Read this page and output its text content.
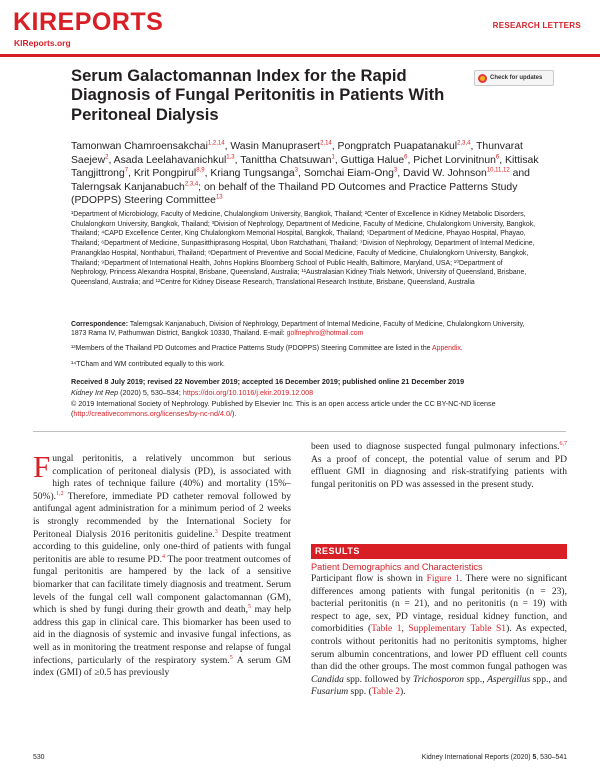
KIREPORTS
KIReports.org
RESEARCH LETTERS
Serum Galactomannan Index for the Rapid Diagnosis of Fungal Peritonitis in Patients With Peritoneal Dialysis
Check for updates
Tamonwan Chamroensakchai$^{1,2,14}$, Wasin Manuprasert$^{2,14}$, Pongpratch Puapatanakul$^{2,3,4}$, Thunvarat Saejew$^2$, Asada Leelahavanichkul$^{1,3}$, Tanittha Chatsuwan$^1$, Guttiga Halue$^6$, Pichet Lorvinitnun$^6$, Kittisak Tangjittrong$^7$, Krit Pongpirul$^{8,9}$, Kriang Tungsanga$^3$, Somchai Eiam-Ong$^3$, David W. Johnson$^{10,11,12}$ and Talerngsak Kanjanabuch$^{2,3,4}$; on behalf of the Thailand PD Outcomes and Practice Patterns Study (PDOPPS) Steering Committee$^{13}$
¹Department of Microbiology, Faculty of Medicine, Chulalongkorn University, Bangkok, Thailand; ²Center of Excellence in Kidney Metabolic Disorders, Chulalongkorn University, Bangkok, Thailand; ³Division of Nephrology, Department of Medicine, Faculty of Medicine, Chulalongkorn University, Bangkok, Thailand; ⁴CAPD Excellence Center, King Chulalongkorn Memorial Hospital, Bangkok, Thailand; ⁵Department of Medicine, Phayao Hospital, Phayao, Thailand; ⁶Department of Medicine, Sunpasitthiprasong Hospital, Ubon Ratchathani, Thailand; ⁷Division of Nephrology, Department of Internal Medicine, Pranangklao Hospital, Nonthaburi, Thailand; ⁸Department of Preventive and Social Medicine, Faculty of Medicine, Chulalongkorn University, Bangkok, Thailand; ⁹Department of International Health, Johns Hopkins Bloomberg School of Public Health, Baltimore, Maryland, USA; ¹⁰Department of Nephrology, Princess Alexandra Hospital, Brisbane, Queensland, Australia; ¹¹Australasian Kidney Trials Network, University of Queensland, Brisbane, Queensland, Australia; and ¹²Centre for Kidney Disease Research, Translational Research Institute, Brisbane, Queensland, Australia
Correspondence: Talerngsak Kanjanabuch, Division of Nephrology, Department of Internal Medicine, Faculty of Medicine, Chulalongkorn University, 1873 Rama IV, Pathumwan District, Bangkok 10330, Thailand. E-mail: golfnephro@hotmail.com
¹³Members of the Thailand PD Outcomes and Practice Patterns Study (PDOPPS) Steering Committee are listed in the Appendix.
¹⁴TCham and WM contributed equally to this work.
Received 8 July 2019; revised 22 November 2019; accepted 16 December 2019; published online 21 December 2019
Kidney Int Rep (2020) 5, 530–534; https://doi.org/10.1016/j.ekir.2019.12.008
© 2019 International Society of Nephrology. Published by Elsevier Inc. This is an open access article under the CC BY-NC-ND license (http://creativecommons.org/licenses/by-nc-nd/4.0/).
Fungal peritonitis, a relatively uncommon but serious complication of peritoneal dialysis (PD), is associated with high rates of technique failure (40%) and mortality (15%–50%).$^{1,2}$ Therefore, immediate PD catheter removal followed by antifungal agent administration for a minimum period of 2 weeks is strongly recommended by the International Society for Peritoneal Dialysis 2016 peritonitis guideline.$^3$ Despite treatment according to this guideline, only one-third of patients with fungal peritonitis are able to resume PD.$^4$ The poor treatment outcomes of fungal peritonitis are hampered by the lack of a sensitive biomarker that can facilitate timely diagnosis and treatment. Serum levels of the fungal cell wall component galactomannan (GM), which is shed by fungi during their growth and death,$^5$ may help address this gap in clinical care. This biomarker has been used to aid in the diagnosis of systemic and invasive fungal infections, as well as in monitoring the treatment response and relapse of fungal infections, particularly of the respiratory system.$^5$ A serum GM index (GMI) of ≥0.5 has previously
been used to diagnose suspected fungal pulmonary infections.$^{6,7}$ As a proof of concept, the potential value of serum and PD effluent GMI in diagnosing and risk-stratifying patients with fungal peritonitis on PD was assessed in the present study.
RESULTS
Patient Demographics and Characteristics
Participant flow is shown in Figure 1. There were no significant differences among patients with fungal peritonitis (n = 23), bacterial peritonitis (n = 21), and no peritonitis (n = 19) with respect to age, sex, PD vintage, residual kidney function, and comorbidities (Table 1, Supplementary Table S1). As expected, controls without peritonitis had no peritonitis symptoms, higher serum albumin concentrations, and lower PD effluent cell counts than did the other groups. The most common fungal pathogen was Candida spp. followed by Trichosporon spp., Aspergillus spp., and Fusarium spp. (Table 2).
530	Kidney International Reports (2020) 5, 530–541
